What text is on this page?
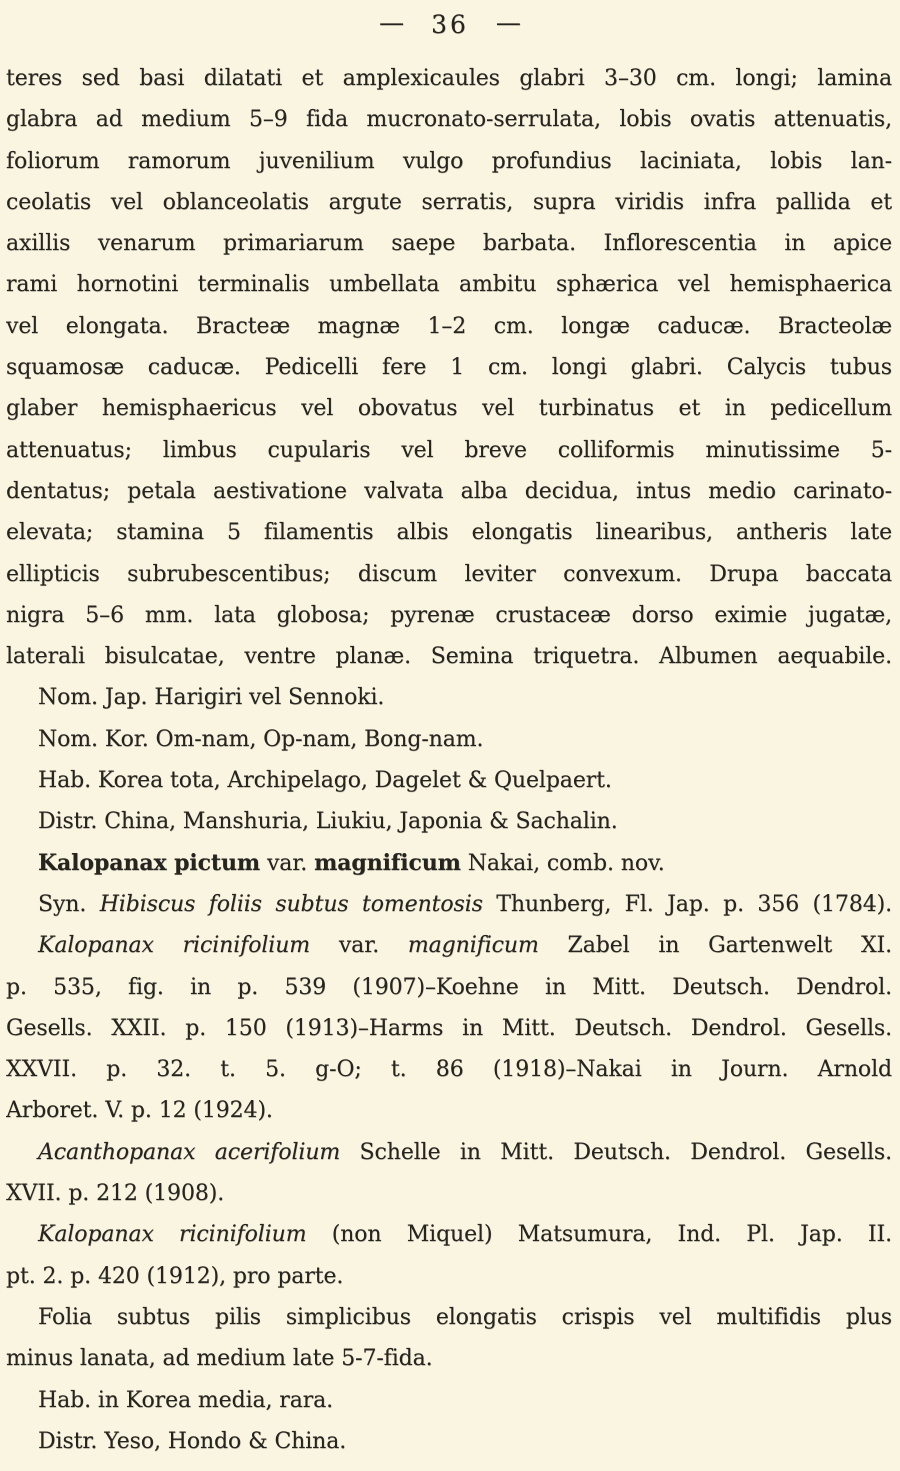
— 36 —
teres sed basi dilatati et amplexicaules glabri 3–30 cm. longi; lamina
glabra ad medium 5–9 fida mucronato-serrulata, lobis ovatis attenuatis,
foliorum ramorum juvenilium vulgo profundius laciniata, lobis lan-
ceolatis vel oblanceolatis argute serratis, supra viridis infra pallida et
axillis venarum primariarum saepe barbata. Inflorescentia in apice
rami hornotini terminalis umbellata ambitu sphærica vel hemisphaerica
vel elongata. Bracteæ magnæ 1–2 cm. longæ caducæ. Bracteolæ
squamosæ caducæ. Pedicelli fere 1 cm. longi glabri. Calycis tubus
glaber hemisphaericus vel obovatus vel turbinatus et in pedicellum
attenuatus; limbus cupularis vel breve colliformis minutissime 5-
dentatus; petala aestivatione valvata alba decidua, intus medio carinato-
elevata; stamina 5 filamentis albis elongatis linearibus, antheris late
ellipticis subrubescentibus; discum leviter convexum. Drupa baccata
nigra 5–6 mm. lata globosa; pyrenæ crustaceæ dorso eximie jugatæ,
laterali bisulcatae, ventre planæ. Semina triquetra. Albumen aequabile.
Nom. Jap. Harigiri vel Sennoki.
Nom. Kor. Om-nam, Op-nam, Bong-nam.
Hab. Korea tota, Archipelago, Dagelet & Quelpaert.
Distr. China, Manshuria, Liukiu, Japonia & Sachalin.
Kalopanax pictum var. magnificum Nakai, comb. nov.
Syn. Hibiscus foliis subtus tomentosis Thunberg, Fl. Jap. p. 356 (1784).
Kalopanax ricinifolium var. magnificum Zabel in Gartenwelt XI.
p. 535, fig. in p. 539 (1907)–Koehne in Mitt. Deutsch. Dendrol.
Gesells. XXII. p. 150 (1913)–Harms in Mitt. Deutsch. Dendrol. Gesells.
XXVII. p. 32. t. 5. g-O; t. 86 (1918)–Nakai in Journ. Arnold
Arboret. V. p. 12 (1924).
Acanthopanax acerifolium Schelle in Mitt. Deutsch. Dendrol. Gesells.
XVII. p. 212 (1908).
Kalopanax ricinifolium (non Miquel) Matsumura, Ind. Pl. Jap. II.
pt. 2. p. 420 (1912), pro parte.
Folia subtus pilis simplicibus elongatis crispis vel multifidis plus
minus lanata, ad medium late 5-7-fida.
Hab. in Korea media, rara.
Distr. Yeso, Hondo & China.
